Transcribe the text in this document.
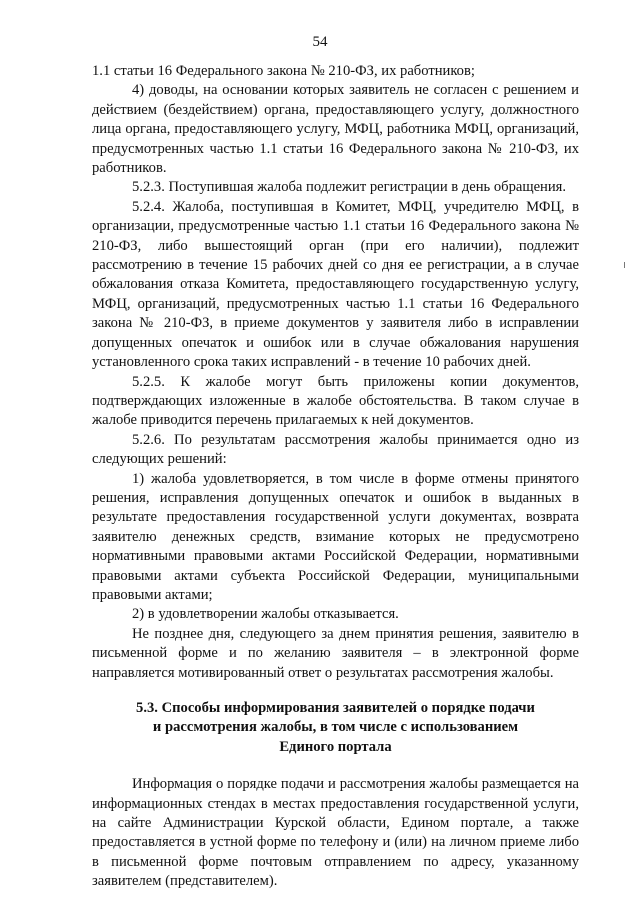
54

1.1 статьи 16 Федерального закона № 210-ФЗ, их работников;

4) доводы, на основании которых заявитель не согласен с решением и действием (бездействием) органа, предоставляющего услугу, должностного лица органа, предоставляющего услугу, МФЦ, работника МФЦ, организаций, предусмотренных частью 1.1 статьи 16 Федерального закона № 210-ФЗ, их работников.

5.2.3. Поступившая жалоба подлежит регистрации в день обращения.

5.2.4. Жалоба, поступившая в Комитет, МФЦ, учредителю МФЦ, в организации, предусмотренные частью 1.1 статьи 16 Федерального закона № 210-ФЗ, либо вышестоящий орган (при его наличии), подлежит рассмотрению в течение 15 рабочих дней со дня ее регистрации, а в случае обжалования отказа Комитета, предоставляющего государственную услугу, МФЦ, организаций, предусмотренных частью 1.1 статьи 16 Федерального закона № 210-ФЗ, в приеме документов у заявителя либо в исправлении допущенных опечаток и ошибок или в случае обжалования нарушения установленного срока таких исправлений - в течение 10 рабочих дней.

5.2.5. К жалобе могут быть приложены копии документов, подтверждающих изложенные в жалобе обстоятельства. В таком случае в жалобе приводится перечень прилагаемых к ней документов.

5.2.6. По результатам рассмотрения жалобы принимается одно из следующих решений:

1) жалоба удовлетворяется, в том числе в форме отмены принятого решения, исправления допущенных опечаток и ошибок в выданных в результате предоставления государственной услуги документах, возврата заявителю денежных средств, взимание которых не предусмотрено нормативными правовыми актами Российской Федерации, нормативными правовыми актами субъекта Российской Федерации, муниципальными правовыми актами;

2) в удовлетворении жалобы отказывается.

Не позднее дня, следующего за днем принятия решения, заявителю в письменной форме и по желанию заявителя – в электронной форме направляется мотивированный ответ о результатах рассмотрения жалобы.

5.3. Способы информирования заявителей о порядке подачи
и рассмотрения жалобы, в том числе с использованием
Единого портала

Информация о порядке подачи и рассмотрения жалобы размещается на информационных стендах в местах предоставления государственной услуги, на сайте Администрации Курской области, Едином портале, а также предоставляется в устной форме по телефону и (или) на личном приеме либо в письменной форме почтовым отправлением по адресу, указанному заявителем (представителем).
